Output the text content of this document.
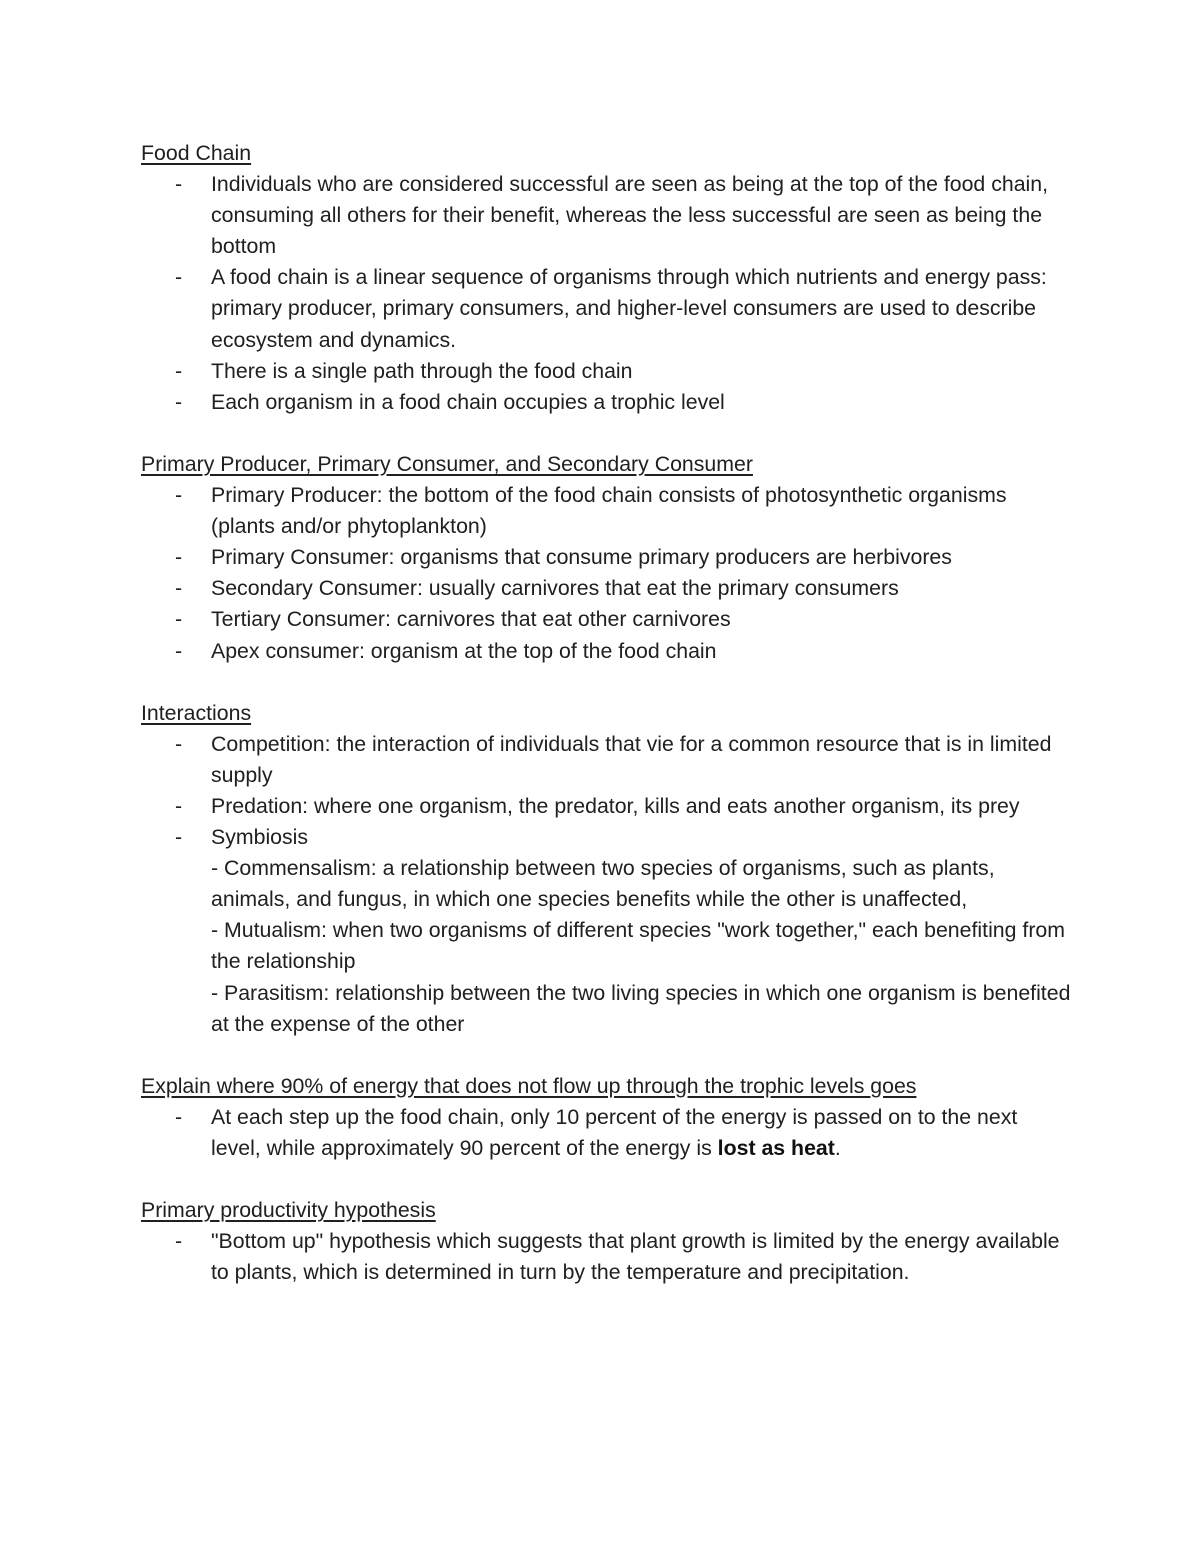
Food Chain
- Individuals who are considered successful are seen as being at the top of the food chain, consuming all others for their benefit, whereas the less successful are seen as being the bottom
- A food chain is a linear sequence of organisms through which nutrients and energy pass: primary producer, primary consumers, and higher-level consumers are used to describe ecosystem and dynamics.
- There is a single path through the food chain
- Each organism in a food chain occupies a trophic level
Primary Producer, Primary Consumer, and Secondary Consumer
- Primary Producer: the bottom of the food chain consists of photosynthetic organisms (plants and/or phytoplankton)
- Primary Consumer: organisms that consume primary producers are herbivores
- Secondary Consumer: usually carnivores that eat the primary consumers
- Tertiary Consumer: carnivores that eat other carnivores
- Apex consumer: organism at the top of the food chain
Interactions
- Competition: the interaction of individuals that vie for a common resource that is in limited supply
- Predation: where one organism, the predator, kills and eats another organism, its prey
- Symbiosis
- Commensalism: a relationship between two species of organisms, such as plants, animals, and fungus, in which one species benefits while the other is unaffected,
- Mutualism: when two organisms of different species "work together," each benefiting from the relationship
- Parasitism: relationship between the two living species in which one organism is benefited at the expense of the other
Explain where 90% of energy that does not flow up through the trophic levels goes
- At each step up the food chain, only 10 percent of the energy is passed on to the next level, while approximately 90 percent of the energy is lost as heat.
Primary productivity hypothesis
- "Bottom up" hypothesis which suggests that plant growth is limited by the energy available to plants, which is determined in turn by the temperature and precipitation.
